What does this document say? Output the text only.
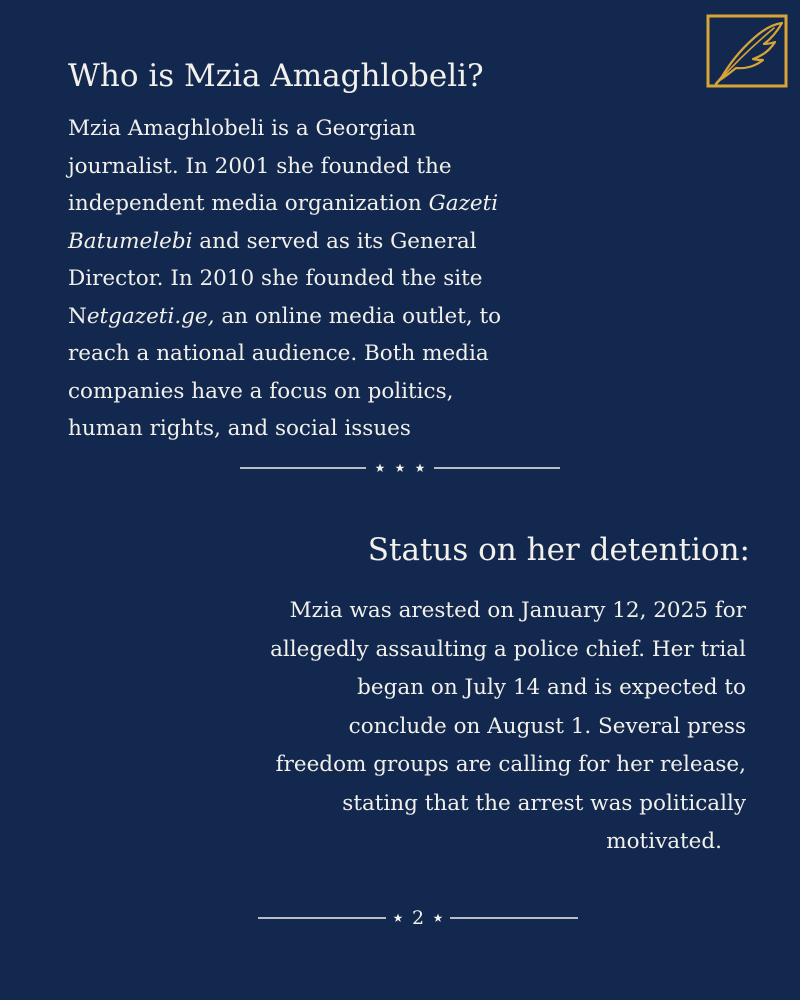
Who is Mzia Amaghlobeli?

Mzia Amaghlobeli is a Georgian
journalist. In 2001 she founded the
independent media organization Gazeti
Batumelebi and served as its General
Director. In 2010 she founded the site
Netgazeti.ge, an online media outlet, to
reach a national audience. Both media
companies have a focus on politics,
human rights, and social issues

Status on her detention:

Mzia was arested on January 12, 2025 for
allegedly assaulting a police chief. Her trial
began on July 14 and is expected to
conclude on August 1. Several press
freedom groups are calling for her release,
stating that the arrest was politically
motivated.

2
